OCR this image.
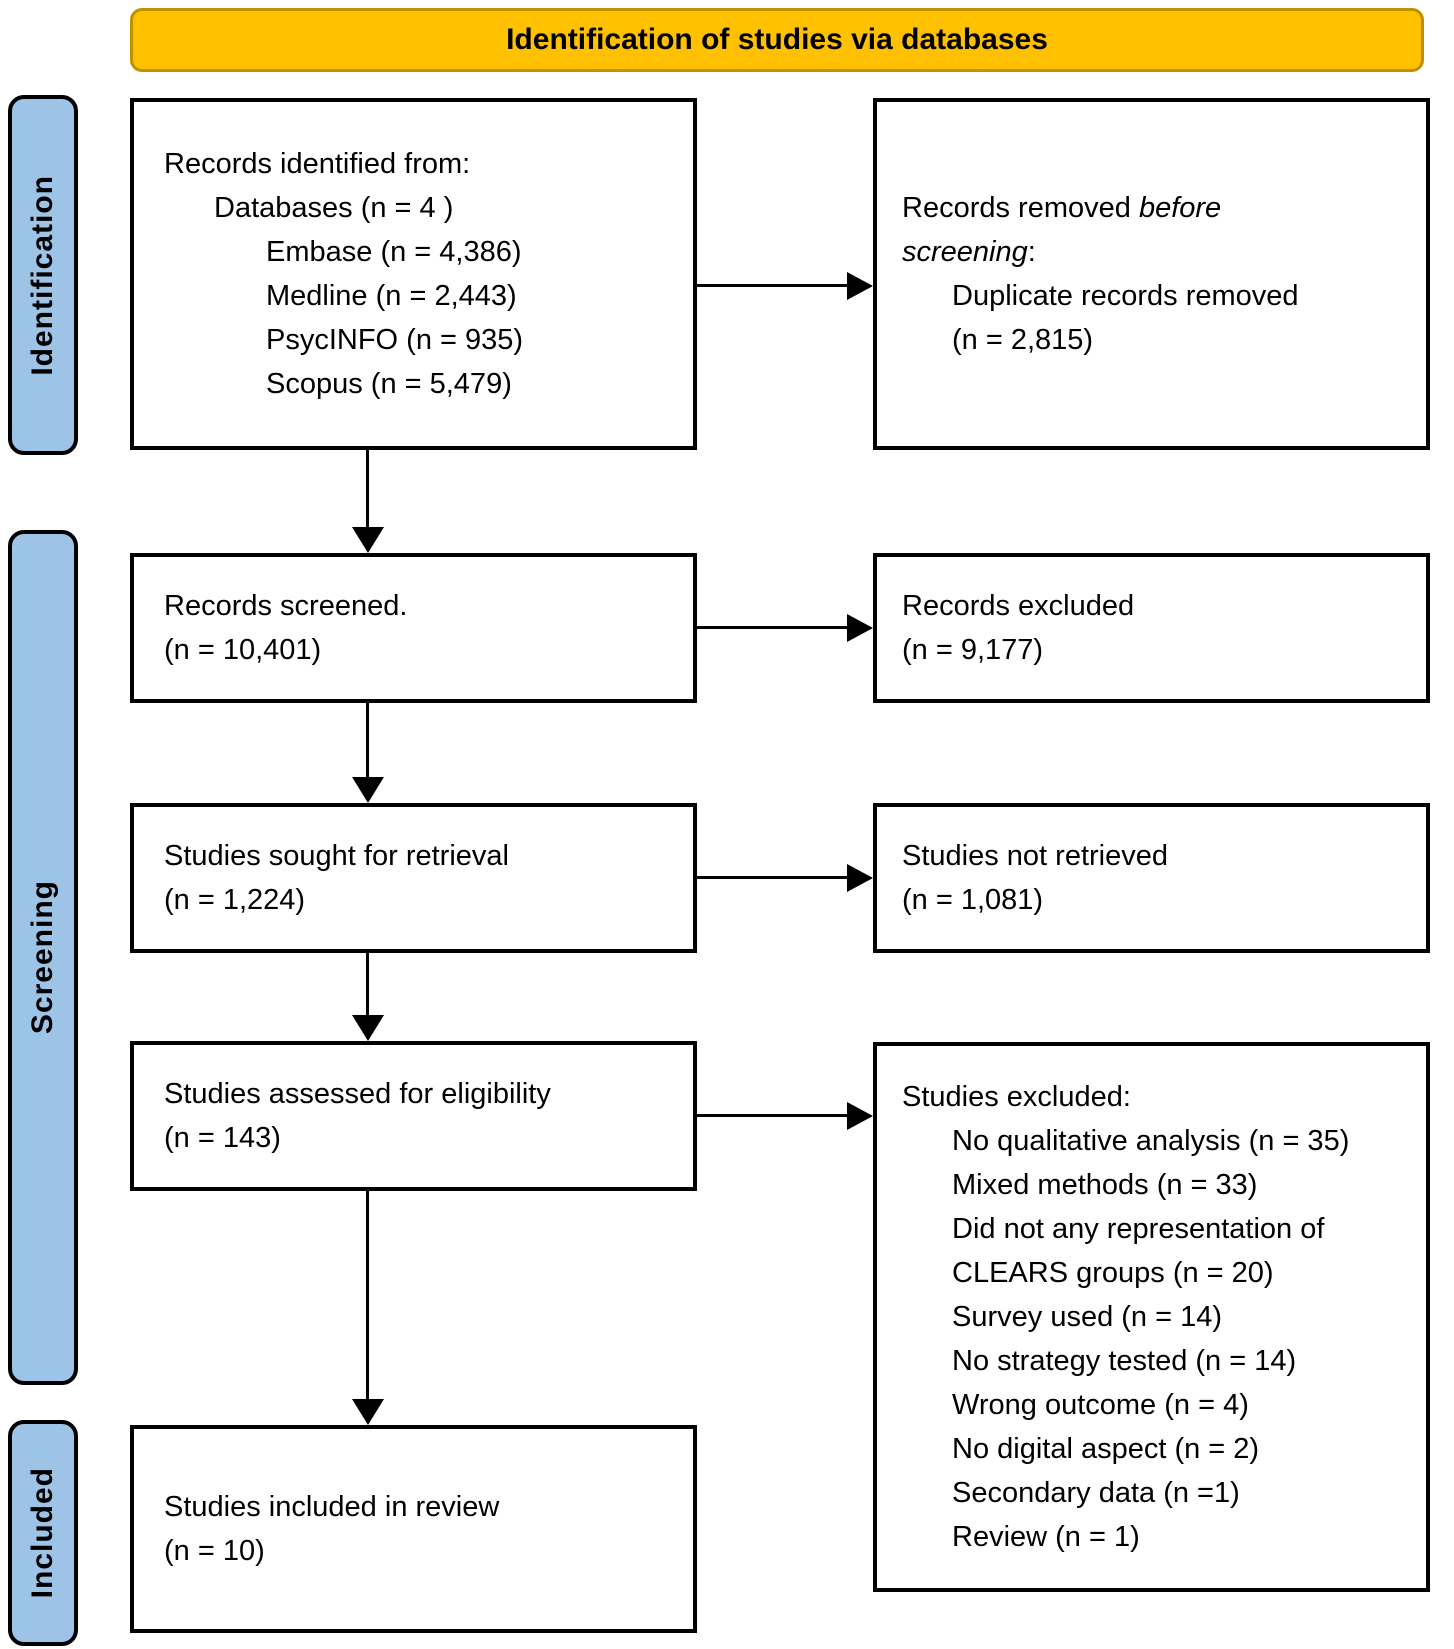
Identification of studies via databases
Identification
Screening
Included
Records identified from:
Databases (n = 4 )
Embase (n = 4,386)
Medline (n = 2,443)
PsycINFO (n = 935)
Scopus (n = 5,479)
Records removed before
screening:
Duplicate records removed
(n = 2,815)
Records screened.
(n = 10,401)
Records excluded
(n = 9,177)
Studies sought for retrieval
(n = 1,224)
Studies not retrieved
(n = 1,081)
Studies assessed for eligibility
(n = 143)
Studies excluded:
No qualitative analysis (n = 35)
Mixed methods (n = 33)
Did not any representation of
CLEARS groups (n = 20)
Survey used (n = 14)
No strategy tested (n = 14)
Wrong outcome (n = 4)
No digital aspect (n = 2)
Secondary data (n =1)
Review (n = 1)
Studies included in review
(n = 10)
